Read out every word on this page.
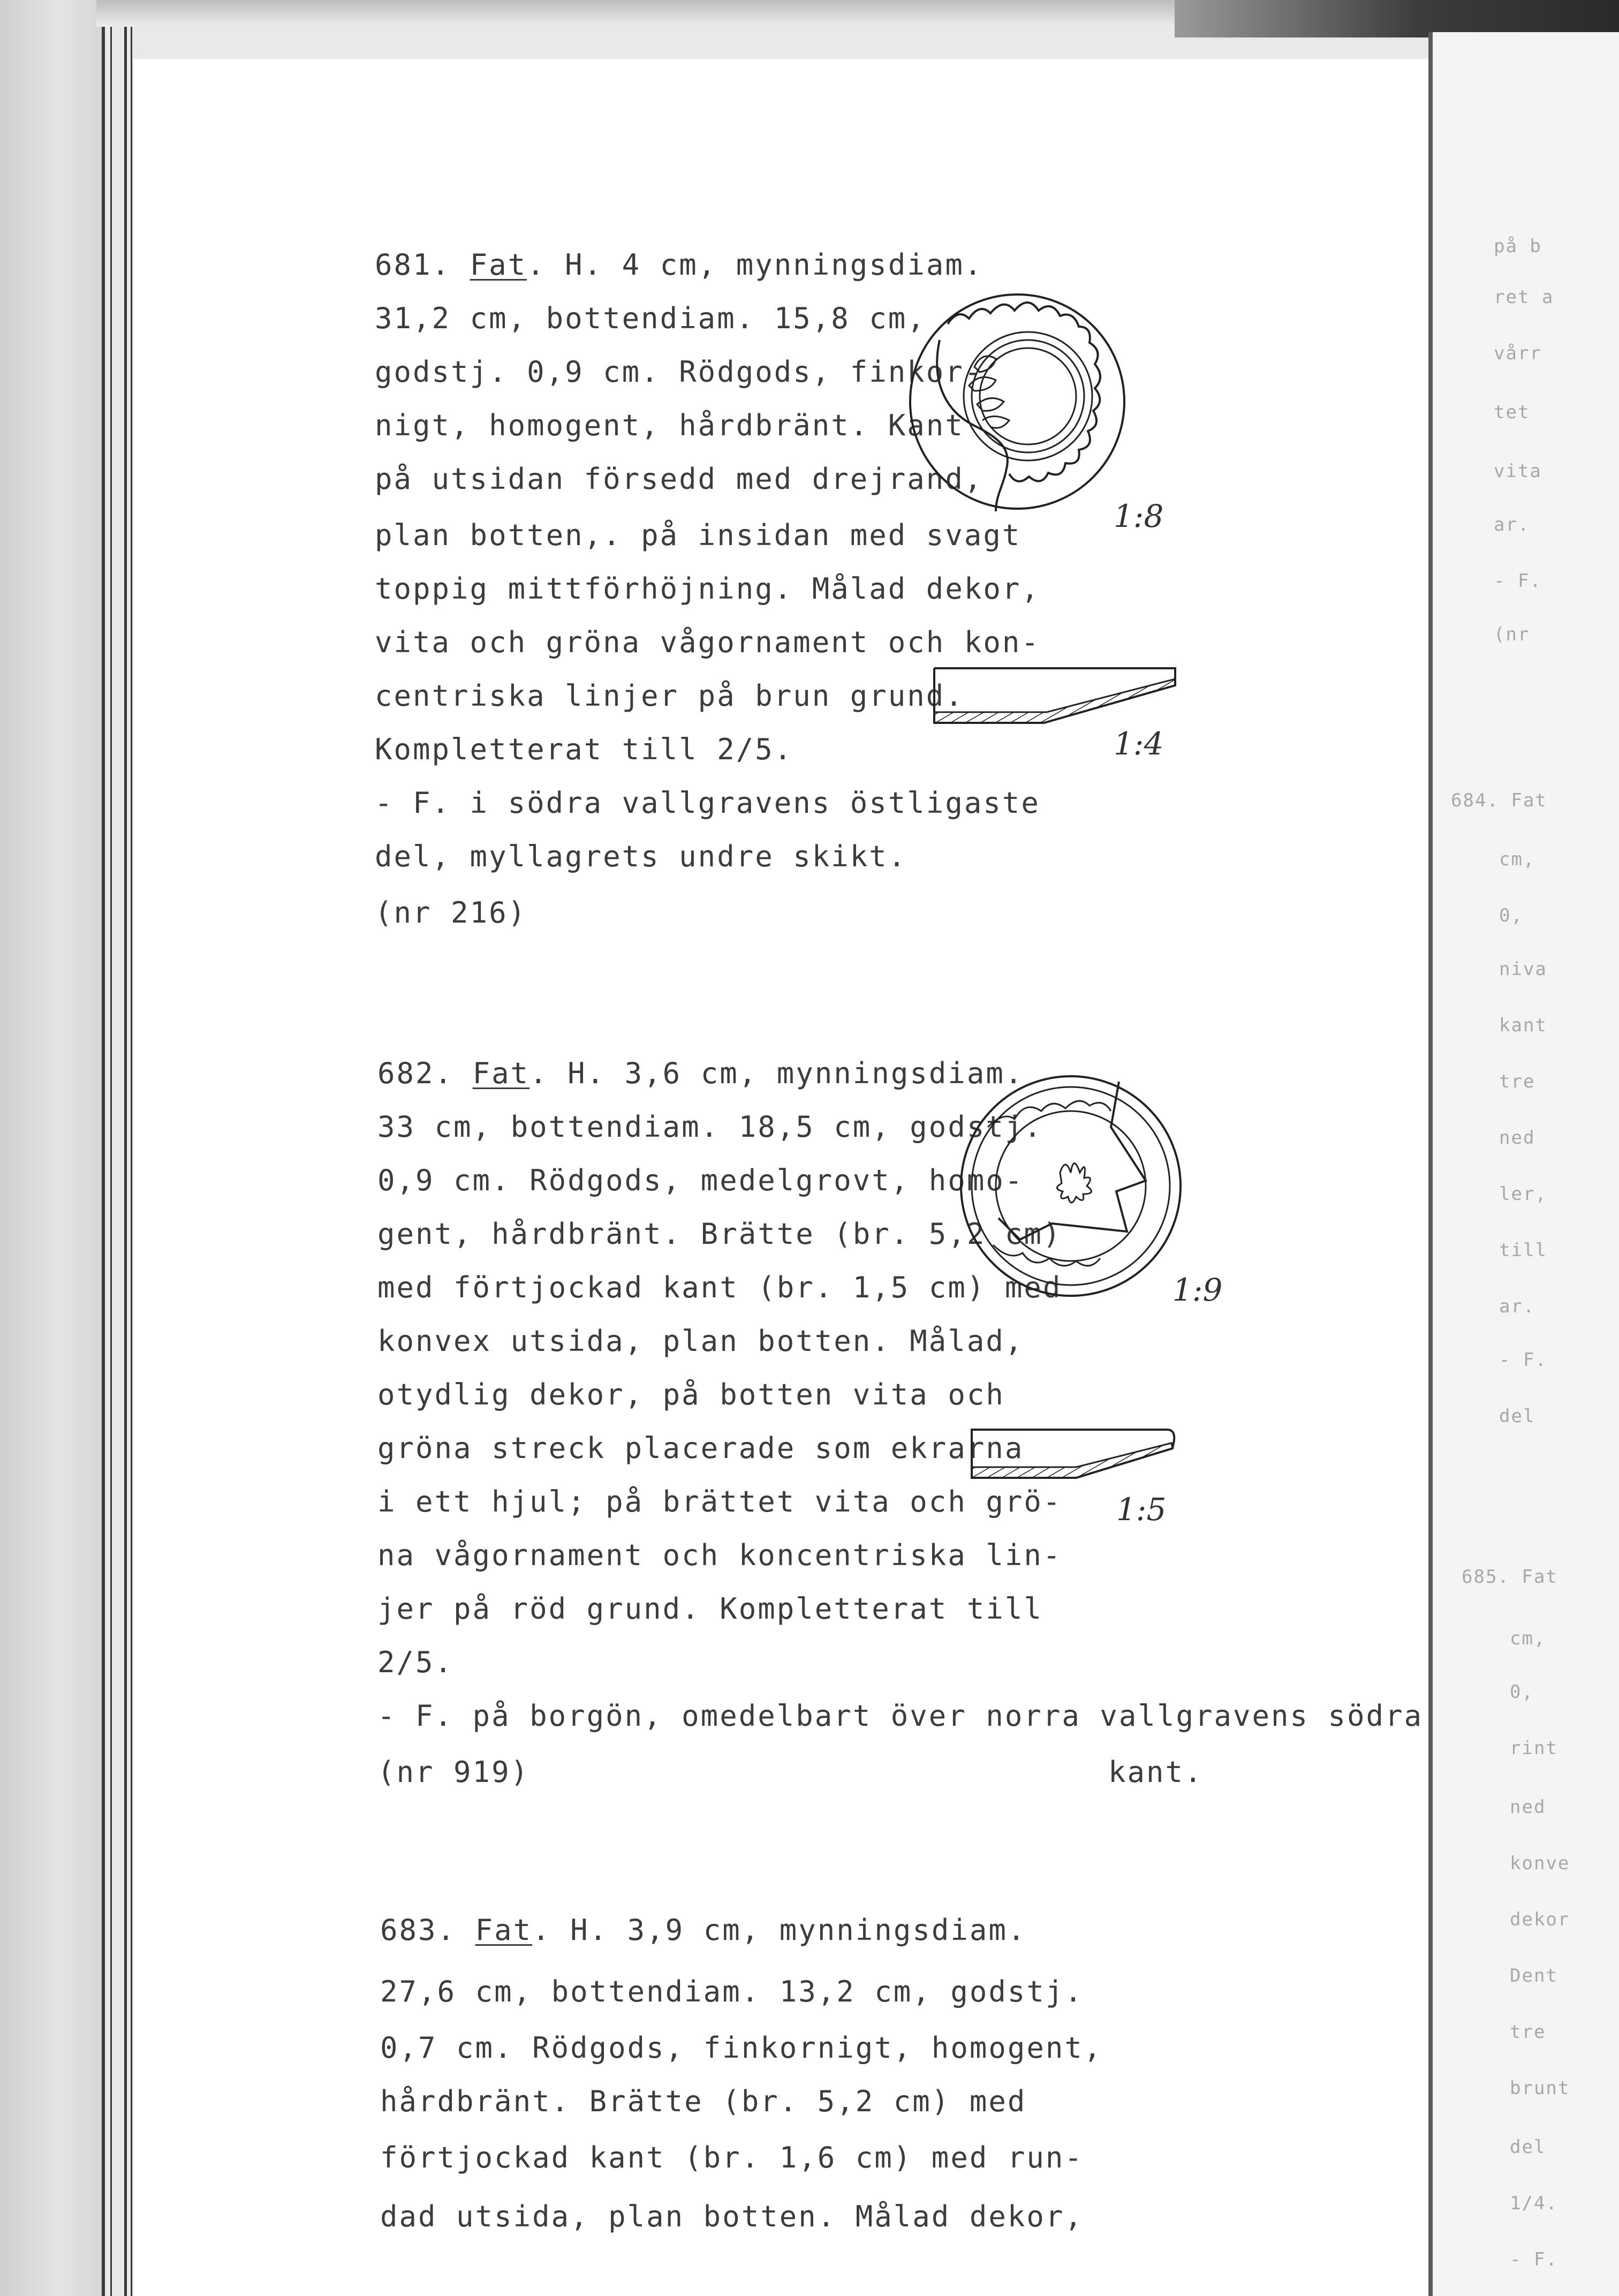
681. Fat. H. 4 cm, mynningsdiam.
31,2 cm, bottendiam. 15,8 cm,
godstj. 0,9 cm. Rödgods, finkor-
nigt, homogent, hårdbränt. Kant
på utsidan försedd med drejrand,
plan botten,. på insidan med svagt
toppig mittförhöjning. Målad dekor,
vita och gröna vågornament och kon-
centriska linjer på brun grund.
Kompletterat till 2/5.
- F. i södra vallgravens östligaste
del, myllagrets undre skikt.
(nr 216)
1:8
1:4
682. Fat. H. 3,6 cm, mynningsdiam.
33 cm, bottendiam. 18,5 cm, godstj.
0,9 cm. Rödgods, medelgrovt, homo-
gent, hårdbränt. Brätte (br. 5,2 cm)
med förtjockad kant (br. 1,5 cm) med
konvex utsida, plan botten. Målad,
otydlig dekor, på botten vita och
gröna streck placerade som ekrarna
i ett hjul; på brättet vita och grö-
na vågornament och koncentriska lin-
jer på röd grund. Kompletterat till
2/5.
- F. på borgön, omedelbart över norra vallgravens södra
(nr 919)	kant.
1:9
1:5
683. Fat. H. 3,9 cm, mynningsdiam.
27,6 cm, bottendiam. 13,2 cm, godstj.
0,7 cm. Rödgods, finkornigt, homogent,
hårdbränt. Brätte (br. 5,2 cm) med
förtjockad kant (br. 1,6 cm) med run-
dad utsida, plan botten. Målad dekor,
på b
ret a
vårr
tet
vita
ar.
- F.
(nr
684. Fat
cm,
0,
niva
kant
tre
ned
ler,
till
ar.
- F.
del
685. Fat
cm,
0,
rint
ned
konve
dekor
Dent
tre
brunt
del
1/4.
- F.
